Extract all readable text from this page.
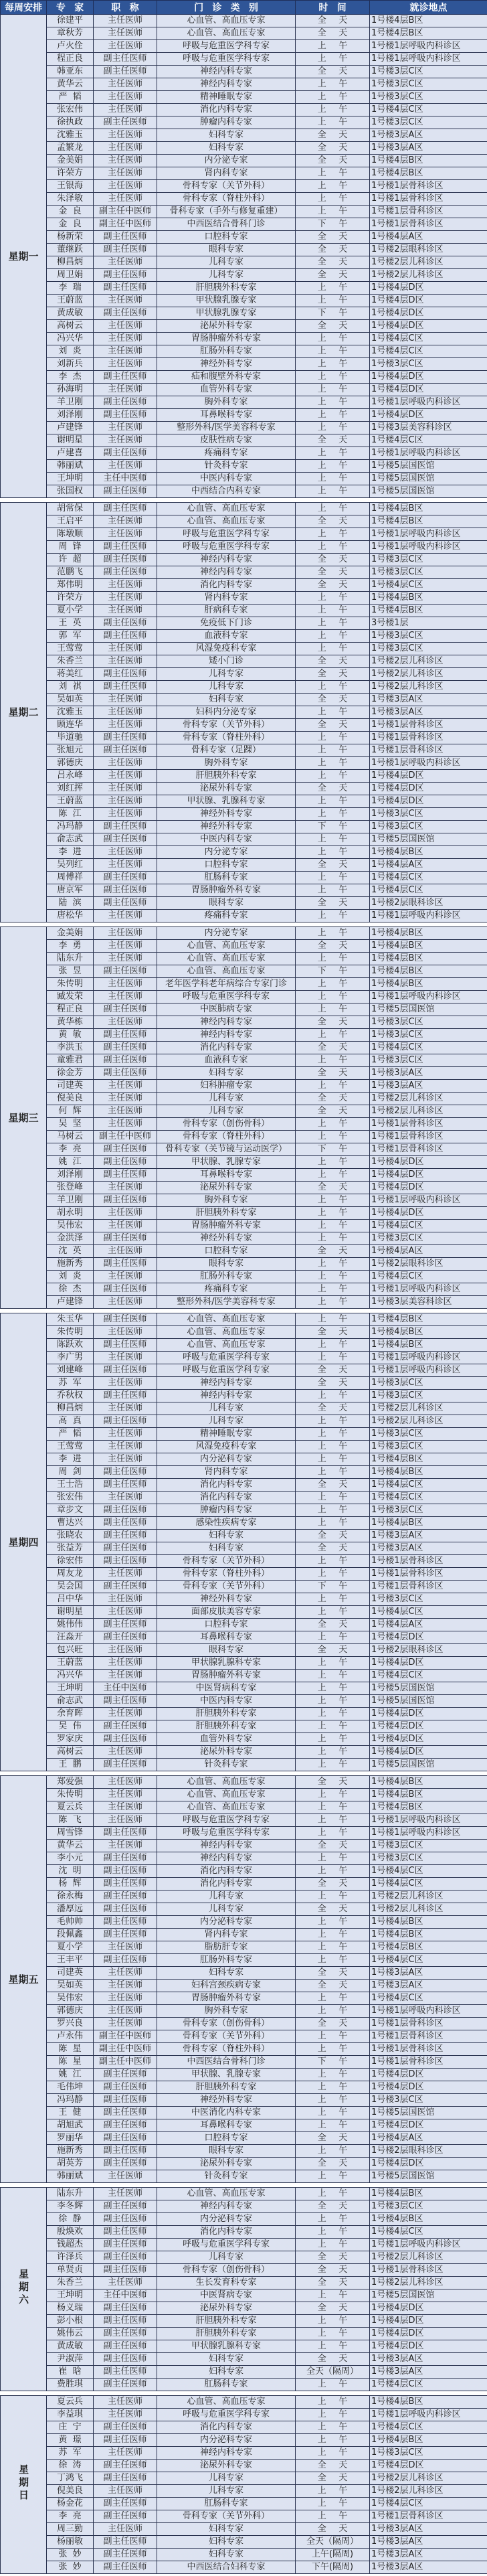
每周安排	专 家	职 称	门 诊 类 别	时 间	就诊地点
星期一	徐建平	主任医师	心血管、高血压专家	全 天	1号楼4层B区
	章秋芳	主任医师	心血管、高血压专家	全 天	1号楼4层B区
	卢火佺	主任医师	呼吸与危重医学科专家	上 午	1号楼1层呼吸内科诊区
	程正良	副主任医师	呼吸与危重医学科专家	上 午	1号楼1层呼吸内科诊区
	韩亚东	副主任医师	神经内科专家	全 天	1号楼3层C区
	黄华云	主任医师	神经内科专家	上 午	1号楼3层C区
	严  韬	主任医师	精神睡眠专家	上 午	1号楼3层C区
	张宏伟	主任医师	消化内科专家	上 午	1号楼4层C区
	徐执政	副主任医师	肿瘤内科专家	上 午	1号楼3层C区
	沈雅玉	主任医师	妇科专家	全 天	1号楼3层A区
	孟繁龙	主任医师	妇科专家	全 天	1号楼3层A区
	金美娟	主任医师	内分泌专家	全 天	1号楼4层B区
	许荣方	主任医师	肾内科专家	上 午	1号楼4层B区
	王银海	主任医师	骨科专家（关节外科）	上 午	1号楼1层骨科诊区
	朱泽敏	主任医师	骨科专家（脊柱外科）	上 午	1号楼1层骨科诊区
	金  良	副主任中医师	骨科专家（手外与修复重建）	上 午	1号楼1层骨科诊区
	金  良	副主任中医师	中西医结合骨科门诊	下 午	1号楼1层骨科诊区
	杨新荣	副主任医师	口腔科专家	全 天	1号楼4层A区
	董继跃	副主任医师	眼科专家	全 天	1号楼2层眼科诊区
	柳昌炳	主任医师	儿科专家	全 天	1号楼2层儿科诊区
	周卫娟	副主任医师	儿科专家	全 天	1号楼2层儿科诊区
	李  瑞	副主任医师	肝胆胰外科专家	上 午	1号楼4层D区
	王蔚蓝	主任医师	甲状腺乳腺专家	上 午	1号楼4层D区
	黄成敏	副主任医师	甲状腺乳腺专家	下 午	1号楼4层D区
	高树云	主任医师	泌尿外科专家	全 天	1号楼4层D区
	冯兴华	主任医师	胃肠肿瘤外科专家	上 午	1号楼4层C区
	刘  炎	主任医师	肛肠外科专家	上 午	1号楼4层C区
	刘新兵	主任医师	神经外科专家	上 午	1号楼3层C区
	李  杰	副主任医师	疝和腹壁外科专家	上 午	1号楼4层D区
	孙海明	主任医师	血管外科专家	上 午	1号楼4层D区
	羊卫刚	副主任医师	胸外科专家	上 午	1号楼1层呼吸内科诊区
	刘泽刚	副主任医师	耳鼻喉科专家	上 午	1号楼4层D区
	卢建锋	主任医师	整形外科/医学美容科专家	上 午	1号楼3层美容科诊区
	谢明星	主任医师	皮肤性病专家	全 天	1号楼4层C区
	卢建喜	副主任医师	疼痛科专家	上 午	1号楼1层呼吸内科诊区
	韩丽斌	主任医师	针灸科专家	上 午	1号楼5层国医馆
	王坤明	主任中医师	中医内科专家	上 午	1号楼5层国医馆
	张国权	副主任医师	中西结合内科专家	上 午	1号楼5层国医馆

星期二	胡常保	副主任医师	心血管、高血压专家	上 午	1号楼4层B区
	王启平	主任医师	心血管、高血压专家	全 天	1号楼4层B区
	陈墩顺	主任医师	呼吸与危重医学科专家	上 午	1号楼1层呼吸内科诊区
	周  锋	副主任医师	呼吸与危重医学科专家	上 午	1号楼1层呼吸内科诊区
	许  超	副主任医师	神经内科专家	全 天	1号楼3层C区
	范鹏飞	副主任医师	神经内科专家	全 天	1号楼3层C区
	郑伟明	主任医师	消化内科专家	全 天	1号楼4层C区
	许荣方	主任医师	肾内科专家	上 午	1号楼4层B区
	夏小学	主任医师	肝病科专家	上 午	1号楼4层B区
	王  英	副主任医师	免疫低下门诊	上 午	3号楼1层
	郭  军	副主任医师	血液科专家	上 午	1号楼3层C区
	王莺莺	主任医师	风湿免疫科专家	上 午	1号楼3层C区
	朱香兰	主任医师	矮小门诊	全 天	1号楼2层儿科诊区
	蒋美红	副主任医师	儿科专家	全 天	1号楼2层儿科诊区
	刘  祺	副主任医师	儿科专家	上 午	1号楼2层儿科诊区
	吴如英	主任医师	妇科专家	全 天	1号楼3层A区
	沈雅玉	主任医师	妇科内分泌专家	上 午	1号楼3层A区
	顾连华	主任医师	骨科专家（关节外科）	全 天	1号楼1层骨科诊区
	毕道驰	副主任医师	骨科专家（脊柱外科）	上 午	1号楼1层骨科诊区
	张旭元	副主任医师	骨科专家（足踝）	上 午	1号楼1层骨科诊区
	郭德庆	主任医师	胸外科专家	上 午	1号楼1层呼吸内科诊区
	吕永峰	主任医师	肝胆胰外科专家	上 午	1号楼4层D区
	刘红挥	主任医师	泌尿外科专家	全 天	1号楼4层D区
	王蔚蓝	主任医师	甲状腺、乳腺科专家	上 午	1号楼4层D区
	陈  江	主任医师	神经外科专家	上 午	1号楼3层C区
	冯玛静	副主任医师	神经外科专家	下 午	1号楼3层C区
	俞志武	副主任医师	中医内科专家	上 午	1号楼5层国医馆
	李  进	主任医师	内分泌专家	上 午	1号楼4层B区
	吴列红	主任医师	口腔科专家	全 天	1号楼4层A区
	周傅祥	副主任医师	肛肠科专家	上 午	1号楼4层C区
	唐京军	副主任医师	胃肠肿瘤外科专家	上 午	1号楼4层C区
	陆  滨	副主任医师	眼科专家	全 天	1号楼2层眼科诊区
	唐松华	主任医师	疼痛科专家	上 午	1号楼1层呼吸内科诊区

星期三	金美娟	主任医师	内分泌专家	上 午	1号楼4层B区
	李  勇	主任医师	心血管、高血压专家	全 天	1号楼4层B区
	陆东升	主任医师	心血管、高血压专家	上 午	1号楼4层B区
	张  昱	副主任医师	心血管、高血压专家	下 午	1号楼4层B区
	朱传明	主任医师	老年医学科老年病综合专家门诊	上 午	1号楼4层B区
	臧发荣	主任医师	呼吸与危重医学科专家	上 午	1号楼1层呼吸内科诊区
	程正良	副主任医师	中医肺病专家	上 午	1号楼5层国医馆
	黄华栋	主任医师	神经内科专家	全 天	1号楼3层C区
	黄  敏	副主任医师	神经内科专家	上 午	1号楼3层C区
	李洪玉	副主任医师	消化内科专家	全 天	1号楼4层C区
	童雅君	副主任医师	血液科专家	上 午	1号楼3层C区
	徐金芳	副主任医师	妇科专家	全 天	1号楼3层A区
	司建英	主任医师	妇科肿瘤专家	上 午	1号楼3层A区
	倪美良	主任医师	儿科专家	全 天	1号楼2层儿科诊区
	何  辉	主任医师	儿科专家	全 天	1号楼2层儿科诊区
	吴  坚	主任医师	骨科专家（创伤骨科）	上 午	1号楼1层骨科诊区
	马树云	副主任中医师	骨科专家（脊柱外科）	上 午	1号楼1层骨科诊区
	李  亮	副主任医师	骨科专家（关节镜与运动医学）	下 午	1号楼1层骨科诊区
	姚  江	副主任医师	甲状腺、乳腺专家	上 午	1号楼4层D区
	刘泽刚	副主任医师	耳鼻喉科专家	上 午	1号楼4层D区
	张登峰	主任医师	泌尿外科专家	全 天	1号楼4层D区
	羊卫刚	副主任医师	胸外科专家	上 午	1号楼1层呼吸内科诊区
	胡永明	主任医师	肝胆胰外科专家	上 午	1号楼4层D区
	吴伟宏	主任医师	胃肠肿瘤外科专家	上 午	1号楼4层C区
	金洪泽	副主任医师	神经外科专家	上 午	1号楼3层C区
	沈  英	主任医师	口腔科专家	全 天	1号楼4层A区
	施新秀	副主任医师	眼科专家	上 午	1号楼2层眼科诊区
	刘  炎	主任医师	肛肠外科专家	上 午	1号楼4层C区
	徐  杰	副主任医师	疼痛科专家	上 午	1号楼1层呼吸内科诊区
	卢建锋	主任医师	整形外科/医学美容科专家	上 午	1号楼3层美容科诊区

星期四	朱玉华	副主任医师	心血管、高血压专家	上 午	1号楼4层B区
	朱传明	主任医师	心血管、高血压专家	全 天	1号楼4层B区
	陈跃欢	副主任医师	心血管、高血压专家	上 午	1号楼4层B区
	李广男	主任医师	呼吸与危重医学科专家	上 午	1号楼1层呼吸内科诊区
	刘建峰	副主任医师	呼吸与危重医学科专家	全 天	1号楼1层呼吸内科诊区
	苏  军	主任医师	神经内科专家	全 天	1号楼3层C区
	乔秋权	副主任医师	神经内科专家	上 午	1号楼3层C区
	柳昌炳	主任医师	儿科专家	全 天	1号楼2层儿科诊区
	高  真	副主任医师	儿科专家	上 午	1号楼2层儿科诊区
	严  韬	主任医师	精神睡眠专家	上 午	1号楼3层C区
	王莺莺	主任医师	风湿免疫科专家	上 午	1号楼3层C区
	李  进	主任医师	内分泌科专家	上 午	1号楼4层B区
	周  剑	副主任医师	肾内科专家	上 午	1号楼4层B区
	王士浩	副主任医师	消化内科专家	全 天	1号楼4层C区
	张宏伟	主任医师	消化内科专家	上 午	1号楼4层C区
	章步文	副主任医师	肿瘤内科专家	上 午	1号楼3层C区
	曹达兴	副主任医师	感染性疾病专家	上 午	1号楼4层B区
	张晓农	副主任医师	妇科专家	全 天	1号楼3层A区
	张益芳	副主任医师	妇科专家	全 天	1号楼3层A区
	徐宏伟	副主任医师	骨科专家（关节外科）	上 午	1号楼1层骨科诊区
	周友龙	主任医师	骨科专家（脊柱外科）	上 午	1号楼1层骨科诊区
	吴会国	副主任医师	骨科专家（关节外科）	下 午	1号楼1层骨科诊区
	吕中华	主任医师	神经外科专家	上 午	1号楼3层C区
	谢明星	主任医师	面部皮肤美容专家	上 午	1号楼4层C区
	姚伟伟	副主任医师	口腔科专家	全 天	1号楼4层A区
	汪淼开	副主任医师	耳鼻喉科专家	上 午	1号楼4层D区
	包兴旺	主任医师	眼科专家	全 天	1号楼2层眼科诊区
	王蔚蓝	主任医师	甲状腺乳腺科专家	上 午	1号楼4层D区
	冯兴华	主任医师	胃肠肿瘤外科专家	上 午	1号楼4层C区
	王坤明	主任中医师	中医肾病科专家	上 午	1号楼5层国医馆
	俞志武	副主任医师	中医内科专家	上 午	1号楼5层国医馆
	余育晖	主任医师	肝胆胰外科专家	上 午	1号楼4层D区
	吴  伟	副主任医师	肝胆胰外科专家	上 午	1号楼4层D区
	罗家庆	副主任医师	血管外科专家	上 午	1号楼4层D区
	高树云	主任医师	泌尿外科专家	上 午	1号楼4层D区
	王  鹏	副主任医师	针灸科专家	上 午	1号楼5层国医馆

星期五	郑爱强	主任医师	心血管、高血压专家	全 天	1号楼4层B区
	朱传明	主任医师	心血管、高血压专家	上 午	1号楼4层B区
	夏云兵	主任医师	心血管、高血压专家	上 午	1号楼4层B区
	陈  飞	主任医师	呼吸与危重医学科专家	上 午	1号楼1层呼吸内科诊区
	周雪锋	副主任医师	呼吸与危重医学科专家	上 午	1号楼1层呼吸内科诊区
	黄华云	主任医师	神经内科专家	全 天	1号楼3层C区
	李小元	副主任医师	神经内科专家	上 午	1号楼3层C区
	沈  明	副主任医师	消化内科专家	上 午	1号楼4层C区
	杨  辉	副主任医师	消化内科专家	全 天	1号楼4层C区
	徐永梅	副主任医师	儿科专家	上 午	1号楼2层儿科诊区
	潘厚远	副主任医师	儿科专家	全 天	1号楼2层儿科诊区
	毛帅帅	副主任医师	内分泌科专家	上 午	1号楼4层B区
	段佩鑫	副主任医师	肾内科专家	上 午	1号楼4层B区
	夏小学	主任医师	脂肪肝专家	上 午	1号楼4层B区
	王丰平	副主任医师	肛肠外科专家	上 午	1号楼4层C区
	司建英	主任医师	妇科专家	全 天	1号楼3层A区
	吴如英	主任医师	妇科宫颈疾病专家	全 天	1号楼3层A区
	吴伟宏	主任医师	胃肠肿瘤外科专家	上 午	1号楼4层C区
	郭德庆	主任医师	胸外科专家	上 午	1号楼1层呼吸内科诊区
	罗兴良	主任医师	骨科专家（创伤骨科）	全 天	1号楼1层骨科诊区
	卢永伟	副主任中医师	骨科专家（关节外科）	上 午	1号楼1层骨科诊区
	陈  星	副主任中医师	骨科专家（脊柱外科）	上 午	1号楼1层骨科诊区
	陈  星	副主任中医师	中西医结合骨科门诊	下 午	1号楼1层骨科诊区
	姚  江	副主任医师	甲状腺、乳腺专家	上 午	1号楼4层D区
	毛伟坤	副主任医师	肝胆胰外科专家	上 午	1号楼4层D区
	冯玛静	副主任医师	神经外科专家	上 午	1号楼3层C区
	王  健	副主任医师	中医消化内科专家	上 午	1号楼5层国医馆
	胡旭武	副主任医师	耳鼻喉科专家	上 午	1号楼4层D区
	罗丽华	副主任医师	口腔科专家	全 天	1号楼4层A区
	施新秀	副主任医师	眼科专家	上 午	1号楼2层眼科诊区
	胡英芳	副主任医师	泌尿外科专家	全 天	1号楼4层D区
	韩丽斌	主任医师	针灸科专家	上 午	1号楼5层国医馆

星期六	陆东升	主任医师	心血管、高血压专家	上 午	1号楼4层B区
	李冬辉	副主任医师	神经内科专家	全 天	1号楼3层C区
	徐  静	副主任医师	内分泌科专家	上 午	1号楼4层B区
	殷焕欢	副主任医师	消化内科专家	上 午	1号楼4层C区
	钱超杰	副主任医师	呼吸与危重医学科专家	上 午	1号楼1层呼吸内科诊区
	许泽兵	副主任医师	儿科专家	全 天	1号楼2层儿科诊区
	单贤贞	副主任医师	骨科专家（创伤骨科）	全 天	1号楼1层骨科诊区
	朱香兰	主任医师	生长发育科专家	全 天	1号楼2层儿科诊区
	王坤明	主任中医师	中医肾病专家	上 午	1号楼5层国医馆
	杨义瑞	副主任医师	泌尿外科专家	全 天	1号楼4层D区
	彭小根	副主任医师	肝胆胰外科专家	上 午	1号楼4层D区
	姚伟云	副主任医师	肝胆胰外科专家	上 午	1号楼4层D区
	黄成敏	副主任医师	甲状腺乳腺科专家	上 午	1号楼4层D区
	尹淑萍	副主任医师	妇科专家	全 天	1号楼3层A区
	崔  晗	副主任医师	妇科专家	全天（隔周）	1号楼3层A区
	费胜琪	副主任医师	肛肠科专家	上 午	1号楼4层C区

星期日	夏云兵	主任医师	心血管、高血压专家	上 午	1号楼4层B区
	李益琪	主任医师	呼吸与危重医学科专家	上 午	1号楼1层呼吸内科诊区
	庄  宁	副主任医师	消化内科专家	上 午	1号楼4层C区
	黄  璟	副主任医师	内分泌科专家	上 午	1号楼4层B区
	苏  军	主任医师	神经内科专家	上 午	1号楼3层C区
	徐  涛	副主任医师	泌尿外科专家	全 天	1号楼4层D区
	丁鸿飞	副主任医师	儿科专家	全 天	1号楼2层儿科诊区
	倪美良	主任医师	儿科专家	上 午	1号楼2层儿科诊区
	杨金花	副主任医师	肛肠科专家	上 午	1号楼4层C区
	李  亮	副主任医师	骨科专家（关节外科）	上 午	1号楼1层骨科诊区
	周三勤	主任医师	妇科专家	全 天	1号楼3层A区
	杨丽敏	副主任医师	妇科专家	全天（隔周）	1号楼3层A区
	张  妙	副主任医师	妇科专家	上午(隔周)	1号楼3层A区
	张  妙	副主任医师	中西医结合妇科专家	下午(隔周)	1号楼3层A区
